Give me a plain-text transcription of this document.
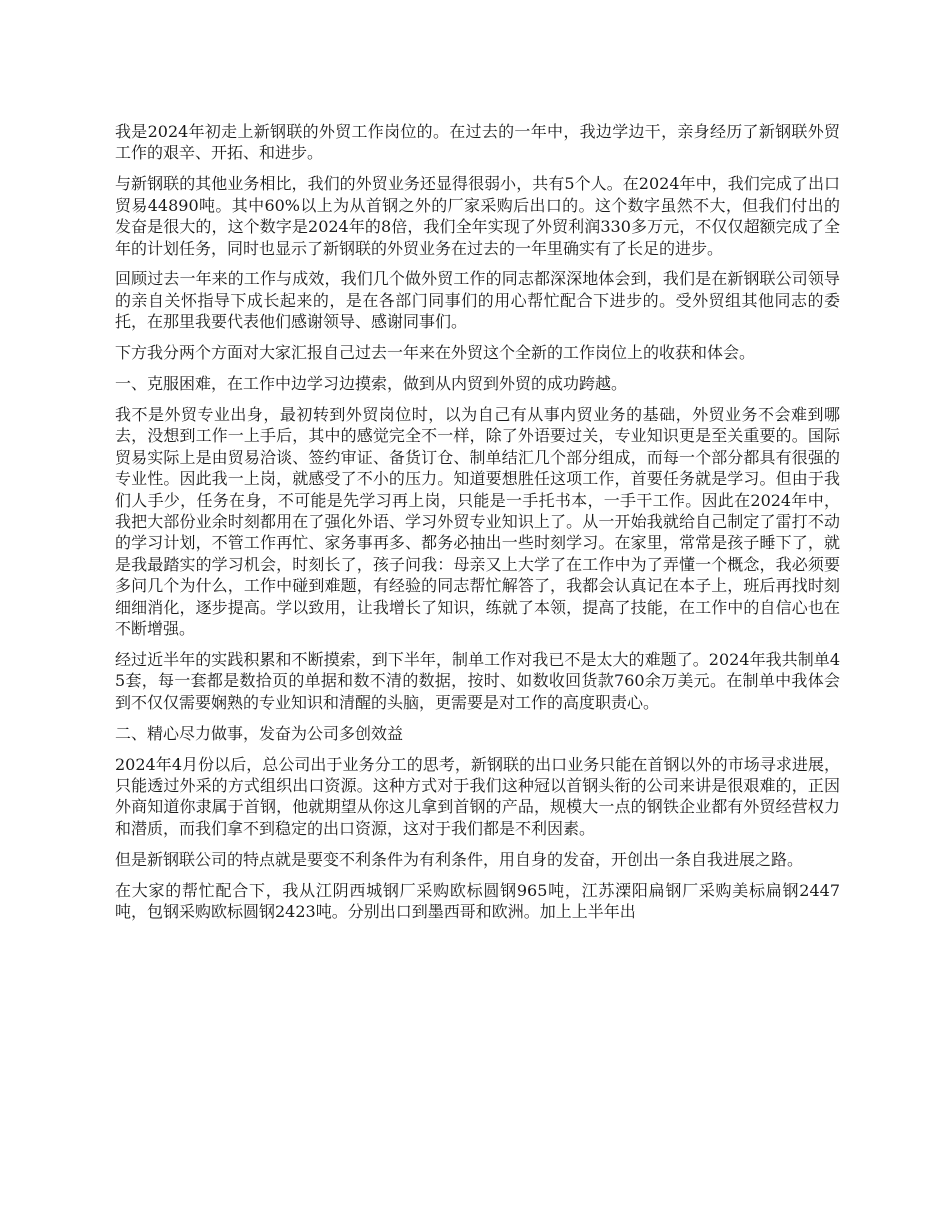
我是2024年初走上新钢联的外贸工作岗位的。在过去的一年中，我边学边干，亲身经历了新钢联外贸工作的艰辛、开拓、和进步。

与新钢联的其他业务相比，我们的外贸业务还显得很弱小，共有5个人。在2024年中，我们完成了出口贸易44890吨。其中60%以上为从首钢之外的厂家采购后出口的。这个数字虽然不大，但我们付出的发奋是很大的，这个数字是2024年的8倍，我们全年实现了外贸利润330多万元，不仅仅超额完成了全年的计划任务，同时也显示了新钢联的外贸业务在过去的一年里确实有了长足的进步。

回顾过去一年来的工作与成效，我们几个做外贸工作的同志都深深地体会到，我们是在新钢联公司领导的亲自关怀指导下成长起来的，是在各部门同事们的用心帮忙配合下进步的。受外贸组其他同志的委托，在那里我要代表他们感谢领导、感谢同事们。

下方我分两个方面对大家汇报自己过去一年来在外贸这个全新的工作岗位上的收获和体会。

一、克服困难，在工作中边学习边摸索，做到从内贸到外贸的成功跨越。

我不是外贸专业出身，最初转到外贸岗位时，以为自己有从事内贸业务的基础，外贸业务不会难到哪去，没想到工作一上手后，其中的感觉完全不一样，除了外语要过关，专业知识更是至关重要的。国际贸易实际上是由贸易洽谈、签约审证、备货订仓、制单结汇几个部分组成，而每一个部分都具有很强的专业性。因此我一上岗，就感受了不小的压力。知道要想胜任这项工作，首要任务就是学习。但由于我们人手少，任务在身，不可能是先学习再上岗，只能是一手托书本，一手干工作。因此在2024年中，我把大部份业余时刻都用在了强化外语、学习外贸专业知识上了。从一开始我就给自己制定了雷打不动的学习计划，不管工作再忙、家务事再多、都务必抽出一些时刻学习。在家里，常常是孩子睡下了，就是我最踏实的学习机会，时刻长了，孩子问我：母亲又上大学了在工作中为了弄懂一个概念，我必须要多问几个为什么，工作中碰到难题，有经验的同志帮忙解答了，我都会认真记在本子上，班后再找时刻细细消化，逐步提高。学以致用，让我增长了知识，练就了本领，提高了技能，在工作中的自信心也在不断增强。

经过近半年的实践积累和不断摸索，到下半年，制单工作对我已不是太大的难题了。2024年我共制单45套，每一套都是数拾页的单据和数不清的数据，按时、如数收回货款760余万美元。在制单中我体会到不仅仅需要娴熟的专业知识和清醒的头脑，更需要是对工作的高度职责心。

二、精心尽力做事，发奋为公司多创效益

2024年4月份以后，总公司出于业务分工的思考，新钢联的出口业务只能在首钢以外的市场寻求进展，只能透过外采的方式组织出口资源。这种方式对于我们这种冠以首钢头衔的公司来讲是很艰难的，正因外商知道你隶属于首钢，他就期望从你这儿拿到首钢的产品，规模大一点的钢铁企业都有外贸经营权力和潜质，而我们拿不到稳定的出口资源，这对于我们都是不利因素。

但是新钢联公司的特点就是要变不利条件为有利条件，用自身的发奋，开创出一条自我进展之路。

在大家的帮忙配合下，我从江阴西城钢厂采购欧标圆钢965吨，江苏溧阳扁钢厂采购美标扁钢2447吨，包钢采购欧标圆钢2423吨。分别出口到墨西哥和欧洲。加上上半年出
